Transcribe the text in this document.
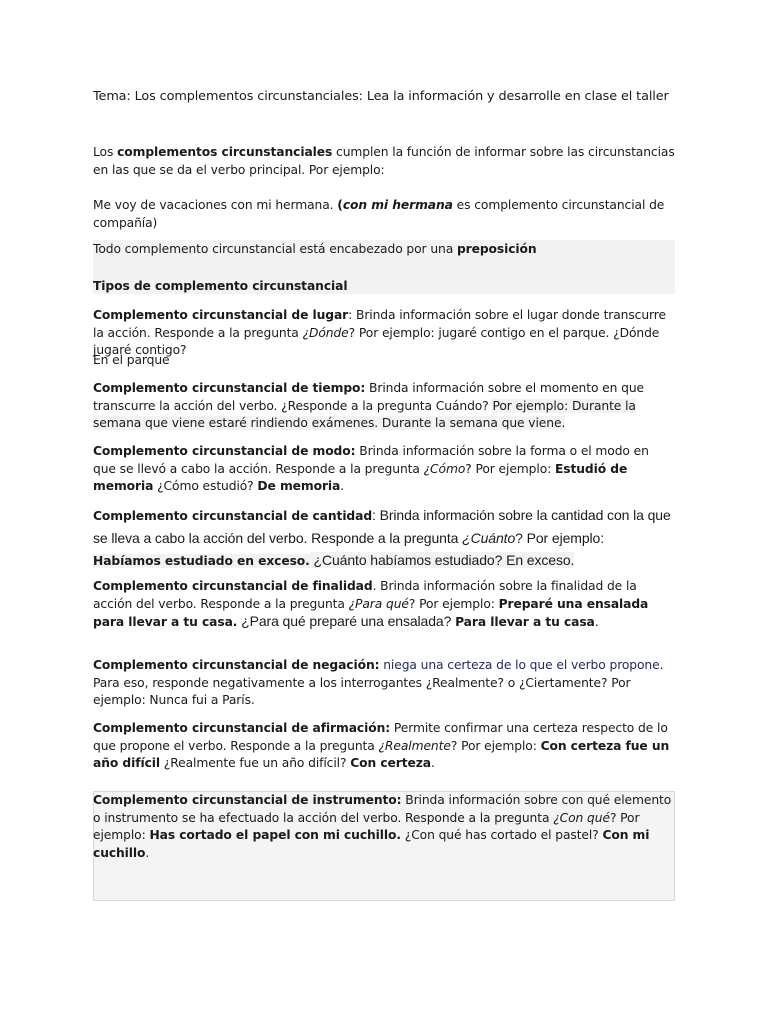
Tema: Los complementos circunstanciales: Lea la información y desarrolle en clase el taller

Los complementos circunstanciales cumplen la función de informar sobre las circunstancias en las que se da el verbo principal. Por ejemplo:

Me voy de vacaciones con mi hermana. (con mi hermana es complemento circunstancial de compañía)

Todo complemento circunstancial está encabezado por una preposición

Tipos de complemento circunstancial

Complemento circunstancial de lugar: Brinda información sobre el lugar donde transcurre la acción. Responde a la pregunta ¿Dónde? Por ejemplo: jugaré contigo en el parque. ¿Dónde jugaré contigo?

En el parque

Complemento circunstancial de tiempo: Brinda información sobre el momento en que transcurre la acción del verbo. ¿Responde a la pregunta Cuándo? Por ejemplo: Durante la semana que viene estaré rindiendo exámenes. Durante la semana que viene.

Complemento circunstancial de modo: Brinda información sobre la forma o el modo en que se llevó a cabo la acción. Responde a la pregunta ¿Cómo? Por ejemplo: Estudió de memoria ¿Cómo estudió? De memoria.

Complemento circunstancial de cantidad: Brinda información sobre la cantidad con la que se lleva a cabo la acción del verbo. Responde a la pregunta ¿Cuánto? Por ejemplo: Habíamos estudiado en exceso. ¿Cuánto habíamos estudiado? En exceso.

Complemento circunstancial de finalidad. Brinda información sobre la finalidad de la acción del verbo. Responde a la pregunta ¿Para qué? Por ejemplo: Preparé una ensalada para llevar a tu casa. ¿Para qué preparé una ensalada? Para llevar a tu casa.

Complemento circunstancial de negación: niega una certeza de lo que el verbo propone. Para eso, responde negativamente a los interrogantes ¿Realmente? o ¿Ciertamente? Por ejemplo: Nunca fui a París.

Complemento circunstancial de afirmación: Permite confirmar una certeza respecto de lo que propone el verbo. Responde a la pregunta ¿Realmente? Por ejemplo: Con certeza fue un año difícil ¿Realmente fue un año difícil? Con certeza.

Complemento circunstancial de instrumento: Brinda información sobre con qué elemento o instrumento se ha efectuado la acción del verbo. Responde a la pregunta ¿Con qué? Por ejemplo: Has cortado el papel con mi cuchillo. ¿Con qué has cortado el pastel? Con mi cuchillo.
